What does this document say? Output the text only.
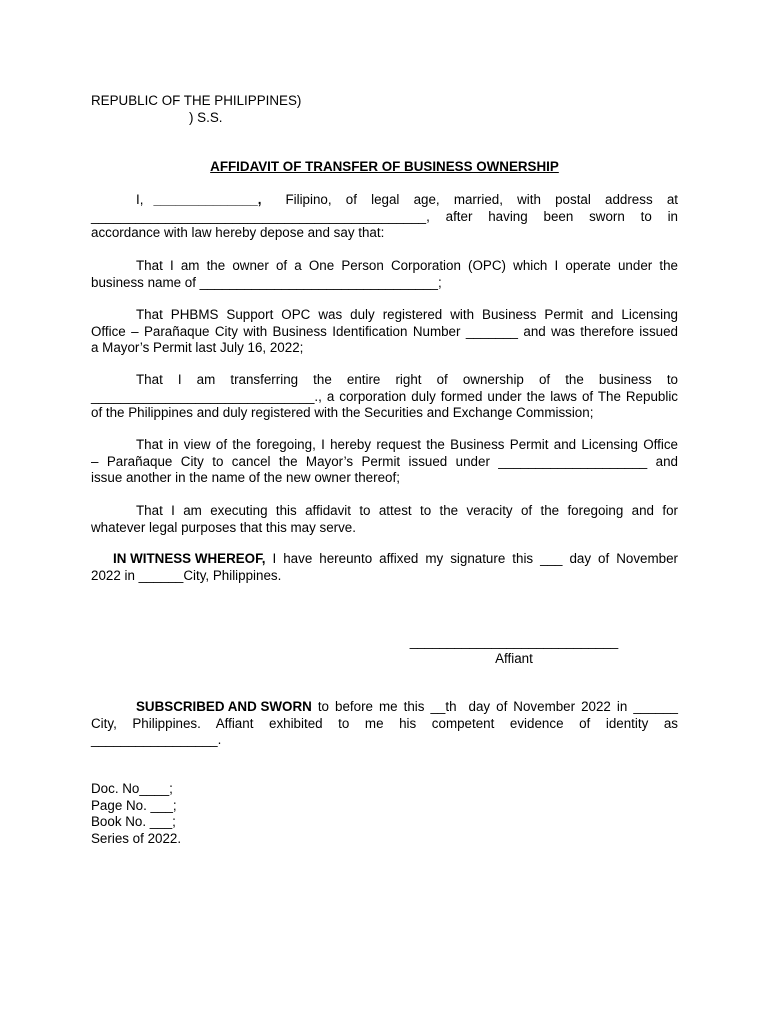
REPUBLIC OF THE PHILIPPINES)
) S.S.
AFFIDAVIT OF TRANSFER OF BUSINESS OWNERSHIP
I, ______________, Filipino, of legal age, married, with postal address at
_____________________________________________, after having been sworn to in
accordance with law hereby depose and say that:
That I am the owner of a One Person Corporation (OPC) which I operate under the
business name of ________________________________;
That PHBMS Support OPC was duly registered with Business Permit and Licensing
Office – Parañaque City with Business Identification Number _______ and was therefore issued
a Mayor’s Permit last July 16, 2022;
That I am transferring the entire right of ownership of the business to
______________________________., a corporation duly formed under the laws of The Republic
of the Philippines and duly registered with the Securities and Exchange Commission;
That in view of the foregoing, I hereby request the Business Permit and Licensing Office
– Parañaque City to cancel the Mayor’s Permit issued under ____________________ and
issue another in the name of the new owner thereof;
That I am executing this affidavit to attest to the veracity of the foregoing and for
whatever legal purposes that this may serve.
IN WITNESS WHEREOF, I have hereunto affixed my signature this ___ day of November
2022 in ______City, Philippines.
____________________________
Affiant
SUBSCRIBED AND SWORN to before me this __th  day of November 2022 in ______
City, Philippines. Affiant exhibited to me his competent evidence of identity as
_________________.
Doc. No____;
Page No. ___;
Book No. ___;
Series of 2022.
